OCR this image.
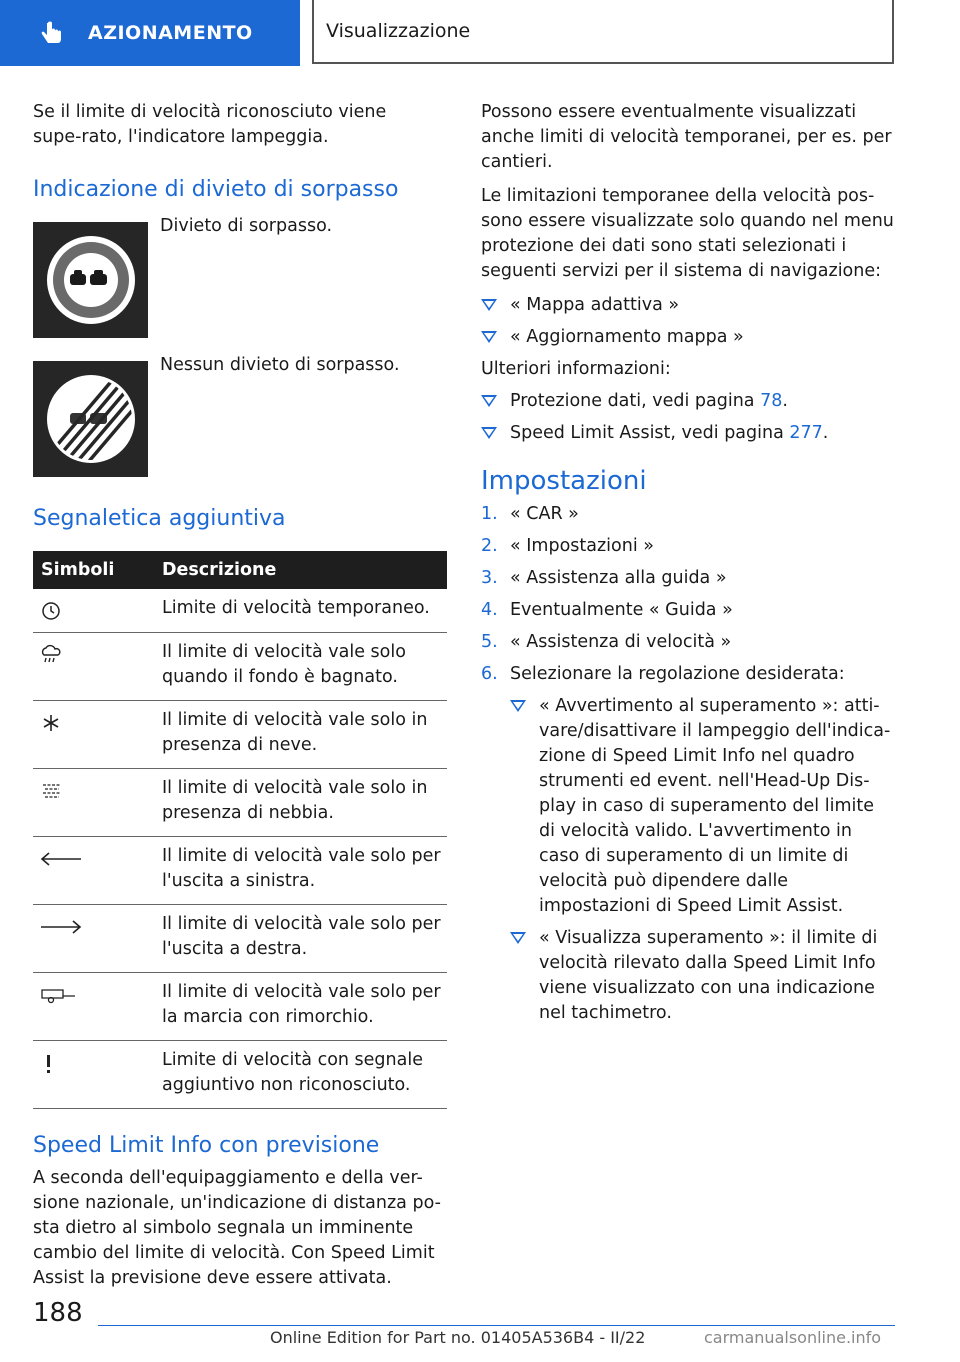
AZIONAMENTO	Visualizzazione

Se il limite di velocità riconosciuto viene supe-rato, l'indicatore lampeggia.

Indicazione di divieto di sorpasso
Divieto di sorpasso.
Nessun divieto di sorpasso.
Segnaletica aggiuntiva
Simboli	Descrizione

	Limite di velocità temporaneo.

	Il limite di velocità vale solo quando il fondo è bagnato.

	Il limite di velocità vale solo in presenza di neve.

	Il limite di velocità vale solo in presenza di nebbia.

	Il limite di velocità vale solo per l'uscita a sinistra.

	Il limite di velocità vale solo per l'uscita a destra.

	Il limite di velocità vale solo per la marcia con rimorchio.

	Limite di velocità con segnale aggiuntivo non riconosciuto.
Speed Limit Info con previsione

A seconda dell'equipaggiamento e della ver-sione nazionale, un'indicazione di distanza po-sta dietro al simbolo segnala un imminente cambio del limite di velocità. Con Speed Limit Assist la previsione deve essere attivata.

Possono essere eventualmente visualizzati anche limiti di velocità temporanei, per es. per cantieri.

Le limitazioni temporanee della velocità pos-sono essere visualizzate solo quando nel menu protezione dei dati sono stati selezionati i seguenti servizi per il sistema di navigazione:

« Mappa adattiva »
« Aggiornamento mappa »

Ulteriori informazioni:

Protezione dati, vedi pagina 78.
Speed Limit Assist, vedi pagina 277.
Impostazioni
1. « CAR »
2. « Impostazioni »
3. « Assistenza alla guida »
4. Eventualmente « Guida »
5. « Assistenza di velocità »
6. Selezionare la regolazione desiderata:
« Avvertimento al superamento »: atti-vare/disattivare il lampeggio dell'indica-zione di Speed Limit Info nel quadro strumenti ed event. nell'Head-Up Dis-play in caso di superamento del limite di velocità valido. L'avvertimento in caso di superamento di un limite di velocità può dipendere dalle impostazioni di Speed Limit Assist.
« Visualizza superamento »: il limite di velocità rilevato dalla Speed Limit Info viene visualizzato con una indicazione nel tachimetro.
188
Online Edition for Part no. 01405A536B4 - II/22	carmanualsonline.info
